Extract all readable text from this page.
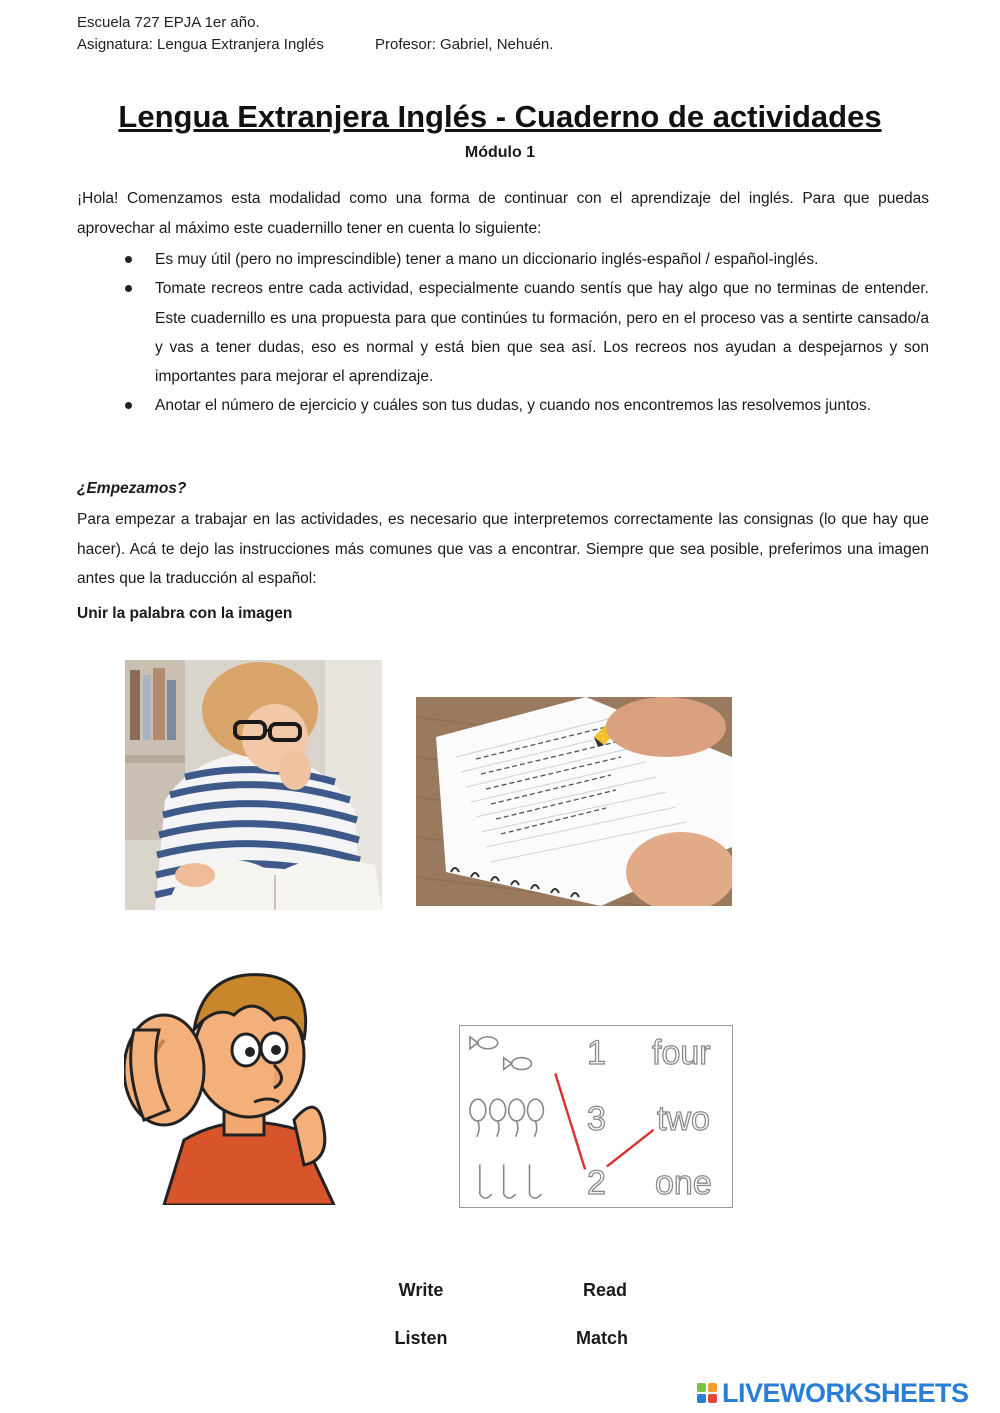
Escuela 727 EPJA 1er año.
Asignatura: Lengua Extranjera Inglés	Profesor: Gabriel, Nehuén.
Lengua Extranjera Inglés - Cuaderno de actividades
Módulo 1

¡Hola! Comenzamos esta modalidad como una forma de continuar con el aprendizaje del inglés. Para que puedas aprovechar al máximo este cuadernillo tener en cuenta lo siguiente:

Es muy útil (pero no imprescindible) tener a mano un diccionario inglés-español / español-inglés.
Tomate recreos entre cada actividad, especialmente cuando sentís que hay algo que no terminas de entender. Este cuadernillo es una propuesta para que continúes tu formación, pero en el proceso vas a sentirte cansado/a y vas a tener dudas, eso es normal y está bien que sea así. Los recreos nos ayudan a despejarnos y son importantes para mejorar el aprendizaje.
Anotar el número de ejercicio y cuáles son tus dudas, y cuando nos encontremos las resolvemos juntos.
¿Empezamos?

Para empezar a trabajar en las actividades, es necesario que interpretemos correctamente las consignas (lo que hay que hacer). Acá te dejo las instrucciones más comunes que vas a encontrar. Siempre que sea posible, preferimos una imagen antes que la traducción al español:

Unir la palabra con la imagen
1
3
2
four
two
one
Write	Read
Listen	Match
LIVEWORKSHEETS
